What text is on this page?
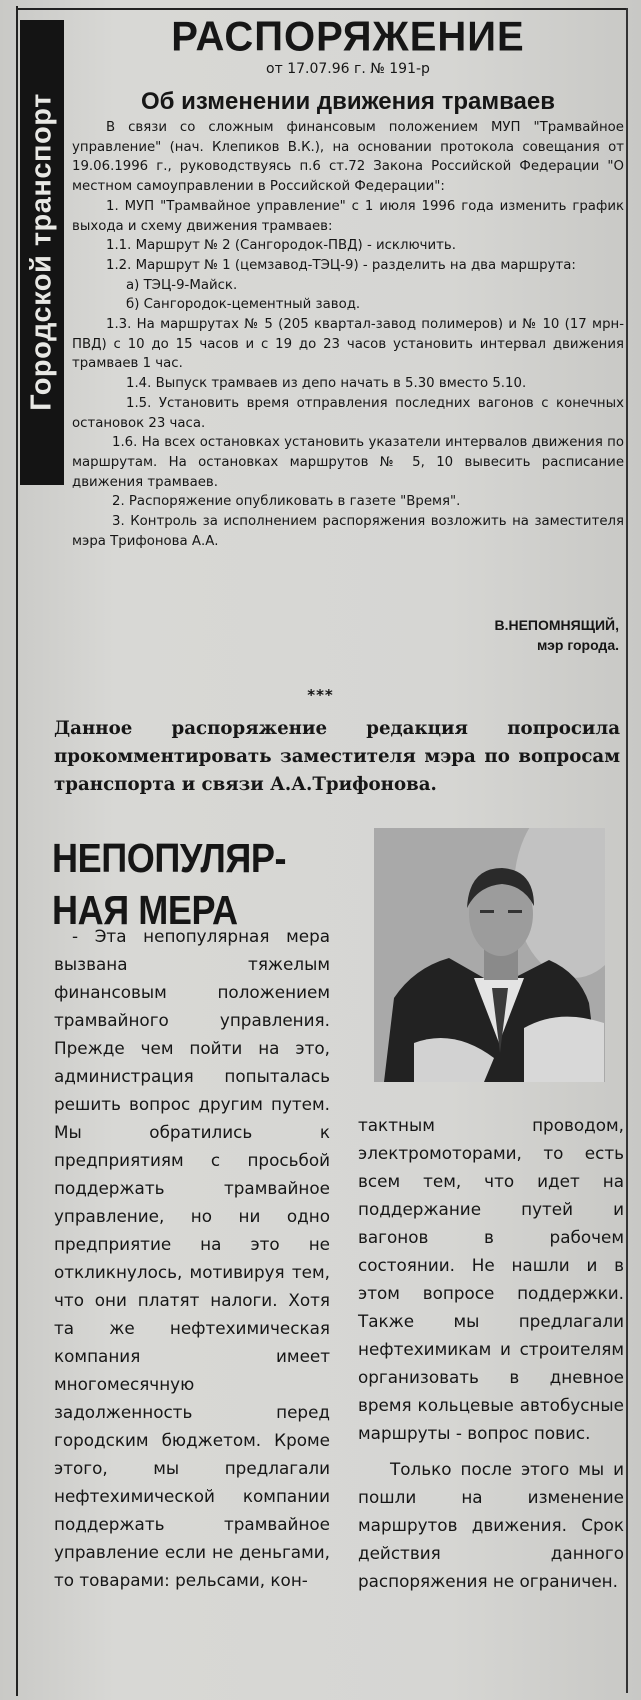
Городской транспорт
РАСПОРЯЖЕНИЕ
от 17.07.96 г. № 191-р
Об изменении движения трамваев

В связи со сложным финансовым положением МУП "Трамвайное управление" (нач. Клепиков В.К.), на основании протокола совещания от 19.06.1996 г., руководствуясь п.6 ст.72 Закона Российской Федерации "О местном самоуправлении в Российской Федерации":

1. МУП "Трамвайное управление" с 1 июля 1996 года изменить график выхода и схему движения трамваев:

1.1. Маршрут № 2 (Сангородок-ПВД) - исключить.

1.2. Маршрут № 1 (цемзавод-ТЭЦ-9) - разделить на два маршрута:

а) ТЭЦ-9-Майск.

б) Сангородок-цементный завод.

1.3. На маршрутах № 5 (205 квартал-завод полимеров) и № 10 (17 мрн-ПВД) с 10 до 15 часов и с 19 до 23 часов установить интервал движения трамваев 1 час.

1.4. Выпуск трамваев из депо начать в 5.30 вместо 5.10.

1.5. Установить время отправления последних вагонов с конечных остановок 23 часа.

1.6. На всех остановках установить указатели интервалов движения по маршрутам. На остановках маршрутов № 5, 10 вывесить расписание движения трамваев.

2. Распоряжение опубликовать в газете "Время".

3. Контроль за исполнением распоряжения возложить на заместителя мэра Трифонова А.А.

В.НЕПОМНЯЩИЙ,
мэр города.
***
Данное распоряжение редакция попросила прокомментировать заместителя мэра по вопросам транспорта и связи А.А.Трифонова.
НЕПОПУЛЯР-
НАЯ МЕРА

- Эта непопулярная мера вызвана тяжелым финансовым положением трамвайного управления. Прежде чем пойти на это, администрация попыталась решить вопрос другим путем. Мы обратились к предприятиям с просьбой поддержать трамвайное управление, но ни одно предприятие на это не откликнулось, мотивируя тем, что они платят налоги. Хотя та же нефтехимическая компания имеет многомесячную задолженность перед городским бюджетом. Кроме этого, мы предлагали нефтехимической компании поддержать трамвайное управление если не деньгами, то товарами: рельсами, кон-

тактным проводом, электромоторами, то есть всем тем, что идет на поддержание путей и вагонов в рабочем состоянии. Не нашли и в этом вопросе поддержки. Также мы предлагали нефтехимикам и строителям организовать в дневное время кольцевые автобусные маршруты - вопрос повис.

Только после этого мы и пошли на изменение маршрутов движения. Срок действия данного распоряжения не ограничен.
